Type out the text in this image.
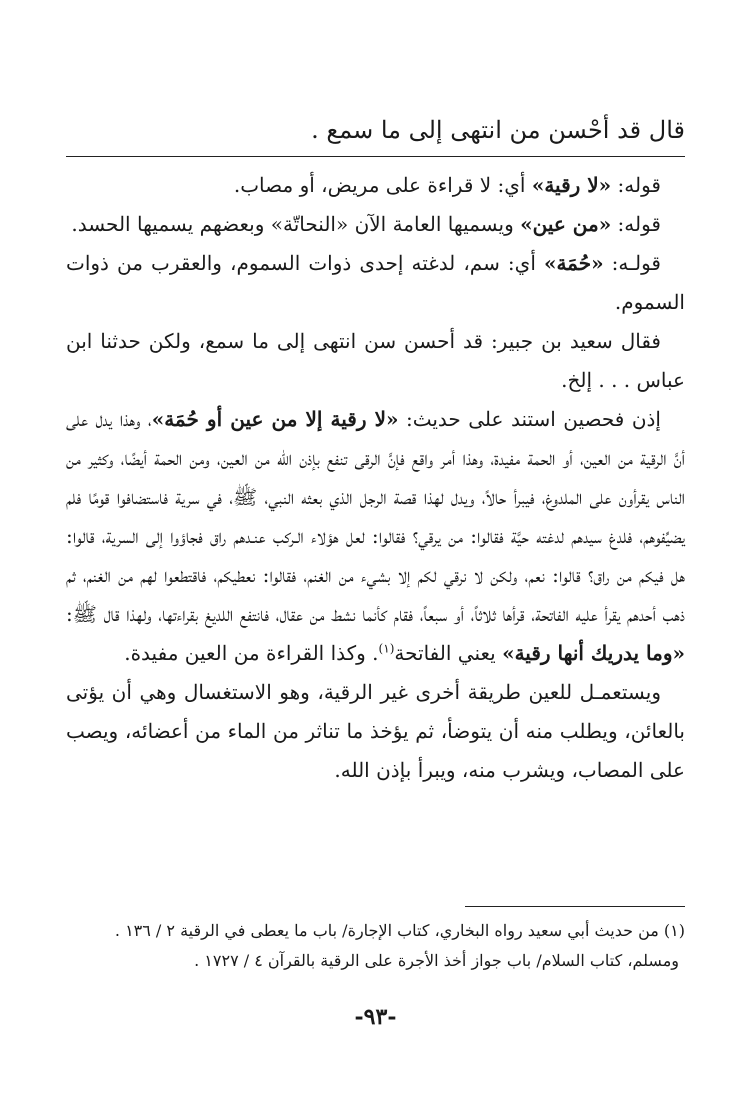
قال قد أحْسن من انتهى إلى ما سمع .

قوله: «لا رقية» أي: لا قراءة على مريض، أو مصاب.

قوله: «من عين» ويسميها العامة الآن «النحاتّة» وبعضهم يسميها الحسد.

قولـه: «حُمَة» أي: سم، لدغته إحدى ذوات السموم، والعقرب من ذوات السموم.

فقال سعيد بن جبير: قد أحسن سن انتهى إلى ما سمع، ولكن حدثنا ابن عباس . . . إلخ.

إذن فحصين استند على حديث: «لا رقية إلا من عين أو حُمَة»، وهذا يدل على أنَّ الرقية من العين، أو الحمة مفيدة، وهذا أمر واقع فإنَّ الرقى تنفع بإذن الله من العين، ومن الحمة أيضًا، وكثير من الناس يقرأون على الملدوغ، فيبرأ حالاً، ويدل لهذا قصة الرجل الذي بعثه النبي، ﷺ، في سرية فاستضافوا قومًا فلم يضيِّفوهم، فلدغ سيدهم لدغته حيَّة فقالوا: من يرقي؟ فقالوا: لعل هؤلاء الـركب عنـدهم راق فجاؤوا إلى السرية، قالوا: هل فيكم من راق؟ قالوا: نعم، ولكن لا نرقي لكم إلا بشيء من الغنم، فقالوا: نعطيكم، فاقتطعوا لهم من الغنم، ثم ذهب أحدهم يقرأ عليه الفاتحة، قرأها ثلاثاً، أو سبعاً، فقام كأنما نشط من عقال، فانتفع اللديغ بقراءتها، ولهذا قال ﷺ: «وما يدريك أنها رقية» يعني الفاتحة$^{(١)}$. وكذا القراءة من العين مفيدة.

ويستعمـل للعين طريقة أخرى غير الرقية، وهو الاستغسال وهي أن يؤتى بالعائن، ويطلب منه أن يتوضأ، ثم يؤخذ ما تناثر من الماء من أعضائه، ويصب على المصاب، ويشرب منه، ويبرأ بإذن الله.

(١) من حديث أبي سعيد رواه البخاري، كتاب الإجارة/ باب ما يعطى في الرقية ٢ / ١٣٦ .

ومسلم، كتاب السلام/ باب جواز أخذ الأجرة على الرقية بالقرآن ٤ / ١٧٢٧ .

-٩٣-
